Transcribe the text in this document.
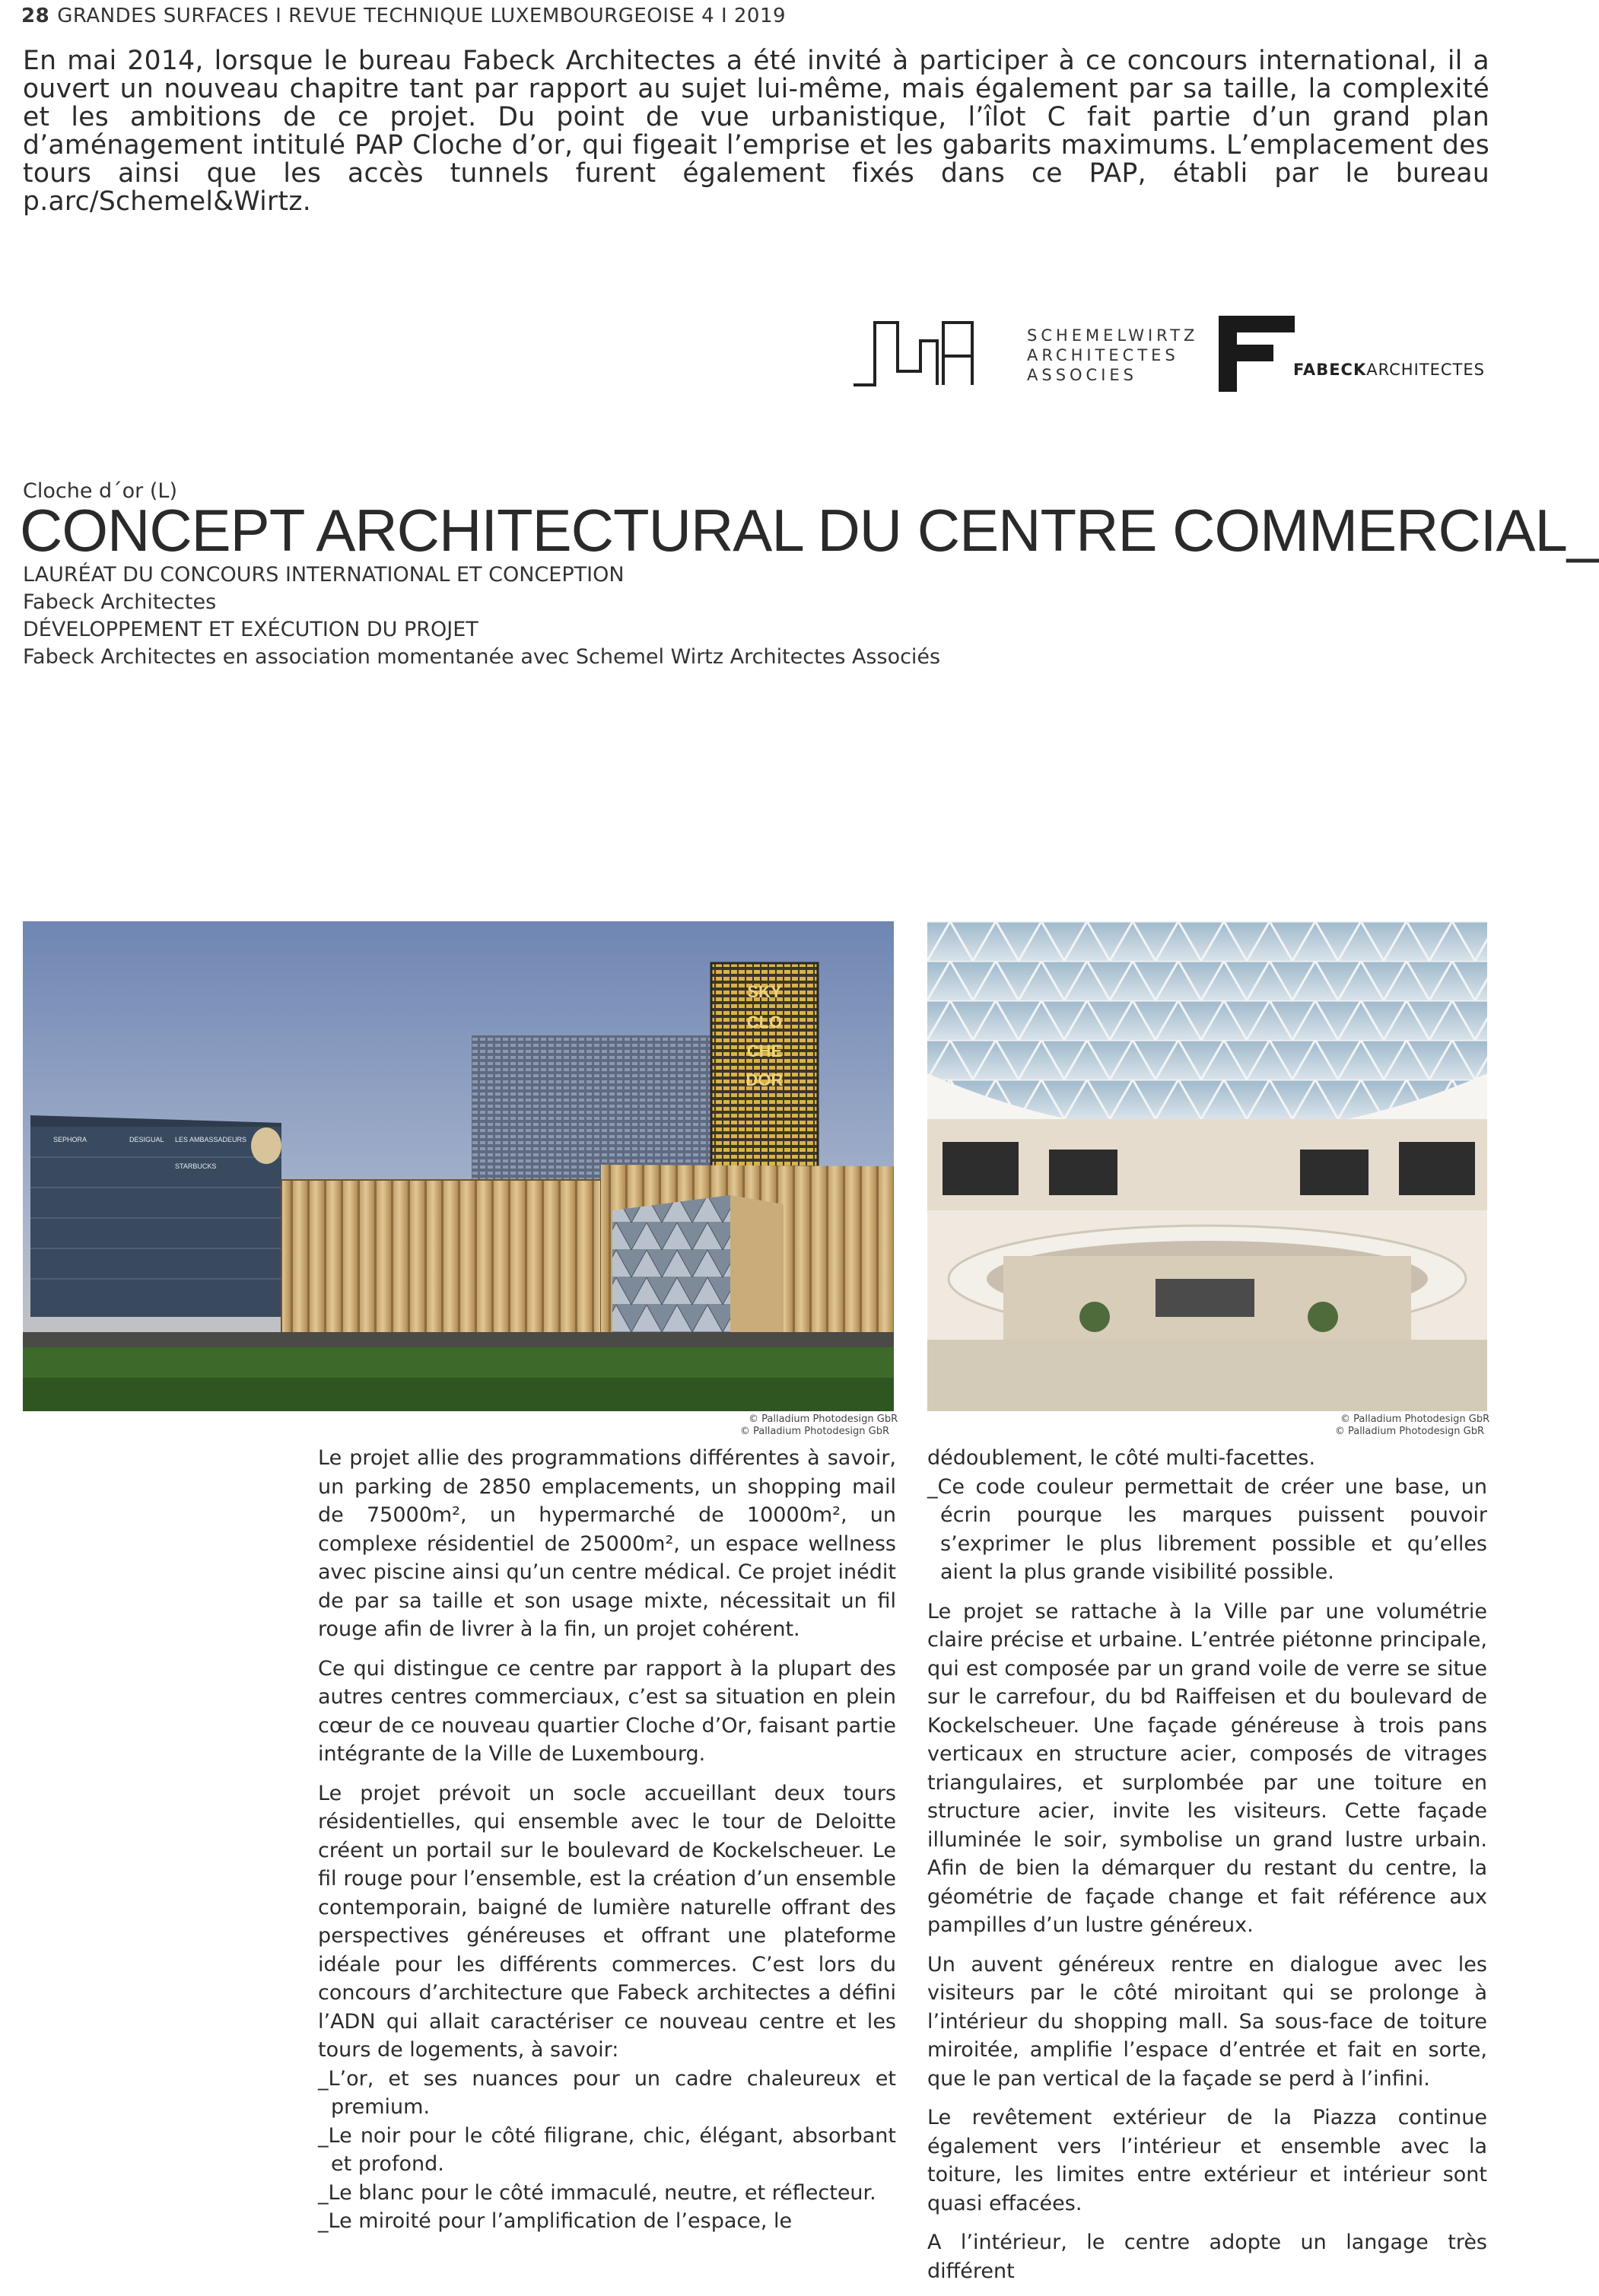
28 GRANDES SURFACES I REVUE TECHNIQUE LUXEMBOURGEOISE 4 I 2019

En mai 2014, lorsque le bureau Fabeck Architectes a été invité à participer à ce concours international, il a ouvert un nouveau chapitre tant par rapport au sujet lui-même, mais également par sa taille, la complexité et les ambitions de ce projet. Du point de vue urbanistique, l’îlot C fait partie d’un grand plan d’aménagement intitulé PAP Cloche d’or, qui figeait l’emprise et les gabarits maximums. L’emplacement des tours ainsi que les accès tunnels furent également fixés dans ce PAP, établi par le bureau p.arc/Schemel&Wirtz.

SCHEMELWIRTZ
ARCHITECTES
ASSOCIES	FABECKARCHITECTES
Cloche d´or (L)
CONCEPT ARCHITECTURAL DU CENTRE COMMERCIAL_
LAURÉAT DU CONCOURS INTERNATIONAL ET CONCEPTION
Fabeck Architectes
DÉVELOPPEMENT ET EXÉCUTION DU PROJET
Fabeck Architectes en association momentanée avec Schemel Wirtz Architectes Associés
SKY
CLO
CHE
DOR
SEPHORA	DESIGUAL LES AMBASSADEURS
STARBUCKS
© Palladium Photodesign GbR	© Palladium Photodesign GbR
© Palladium Photodesign GbR	© Palladium Photodesign GbR

Le projet allie des programmations différentes à savoir, un parking de 2850 emplacements, un shopping mail de 75000m², un hypermarché de 10000m², un complexe résidentiel de 25000m², un espace wellness avec piscine ainsi qu’un centre médical. Ce projet inédit de par sa taille et son usage mixte, nécessitait un fil rouge afin de livrer à la fin, un projet cohérent.

Ce qui distingue ce centre par rapport à la plupart des autres centres commerciaux, c’est sa situation en plein cœur de ce nouveau quartier Cloche d’Or, faisant partie intégrante de la Ville de Luxembourg.

Le projet prévoit un socle accueillant deux tours résidentielles, qui ensemble avec le tour de Deloitte créent un portail sur le boulevard de Kockelscheuer. Le fil rouge pour l’ensemble, est la création d’un ensemble contemporain, baigné de lumière naturelle offrant des perspectives généreuses et offrant une plateforme idéale pour les différents commerces. C’est lors du concours d’architecture que Fabeck architectes a défini l’ADN qui allait caractériser ce nouveau centre et les tours de logements, à savoir:

_L’or, et ses nuances pour un cadre chaleureux et premium.

_Le noir pour le côté filigrane, chic, élégant, absorbant et profond.

_Le blanc pour le côté immaculé, neutre, et réflecteur.

_Le miroité pour l’amplification de l’espace, le

dédoublement, le côté multi-facettes.

_Ce code couleur permettait de créer une base, un écrin pourque les marques puissent pouvoir s’exprimer le plus librement possible et qu’elles aient la plus grande visibilité possible.

Le projet se rattache à la Ville par une volumétrie claire précise et urbaine. L’entrée piétonne principale, qui est composée par un grand voile de verre se situe sur le carrefour, du bd Raiffeisen et du boulevard de Kockelscheuer. Une façade généreuse à trois pans verticaux en structure acier, composés de vitrages triangulaires, et surplombée par une toiture en structure acier, invite les visiteurs. Cette façade illuminée le soir, symbolise un grand lustre urbain. Afin de bien la démarquer du restant du centre, la géométrie de façade change et fait référence aux pampilles d’un lustre généreux.

Un auvent généreux rentre en dialogue avec les visiteurs par le côté miroitant qui se prolonge à l’intérieur du shopping mall. Sa sous-face de toiture miroitée, amplifie l’espace d’entrée et fait en sorte, que le pan vertical de la façade se perd à l’infini.

Le revêtement extérieur de la Piazza continue également vers l’intérieur et ensemble avec la toiture, les limites entre extérieur et intérieur sont quasi effacées.

A l’intérieur, le centre adopte un langage très différent
